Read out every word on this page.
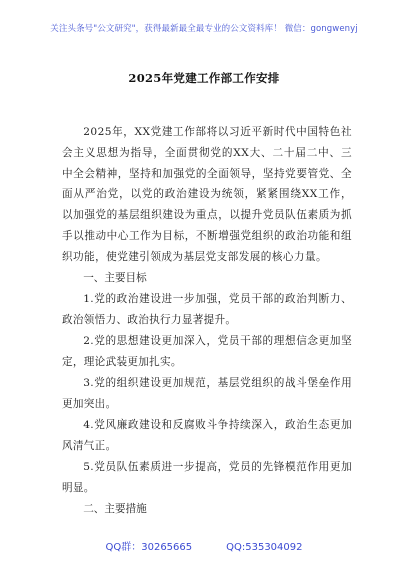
关注头条号"公文研究"，获得最新最全最专业的公文资料库！ 微信：gongwenyj
2025年党建工作部工作安排

2025年，XX党建工作部将以习近平新时代中国特色社会主义思想为指导，全面贯彻党的XX大、二十届二中、三中全会精神，坚持和加强党的全面领导，坚持党要管党、全面从严治党，以党的政治建设为统领，紧紧围绕XX工作，以加强党的基层组织建设为重点，以提升党员队伍素质为抓手以推动中心工作为目标，不断增强党组织的政治功能和组织功能，使党建引领成为基层党支部发展的核心力量。

一、主要目标

1.党的政治建设进一步加强，党员干部的政治判断力、政治领悟力、政治执行力显著提升。

2.党的思想建设更加深入，党员干部的理想信念更加坚定，理论武装更加扎实。

3.党的组织建设更加规范，基层党组织的战斗堡垒作用更加突出。

4.党风廉政建设和反腐败斗争持续深入，政治生态更加风清气正。

5.党员队伍素质进一步提高，党员的先锋模范作用更加明显。

二、主要措施

QQ群：30265665	QQ:535304092
